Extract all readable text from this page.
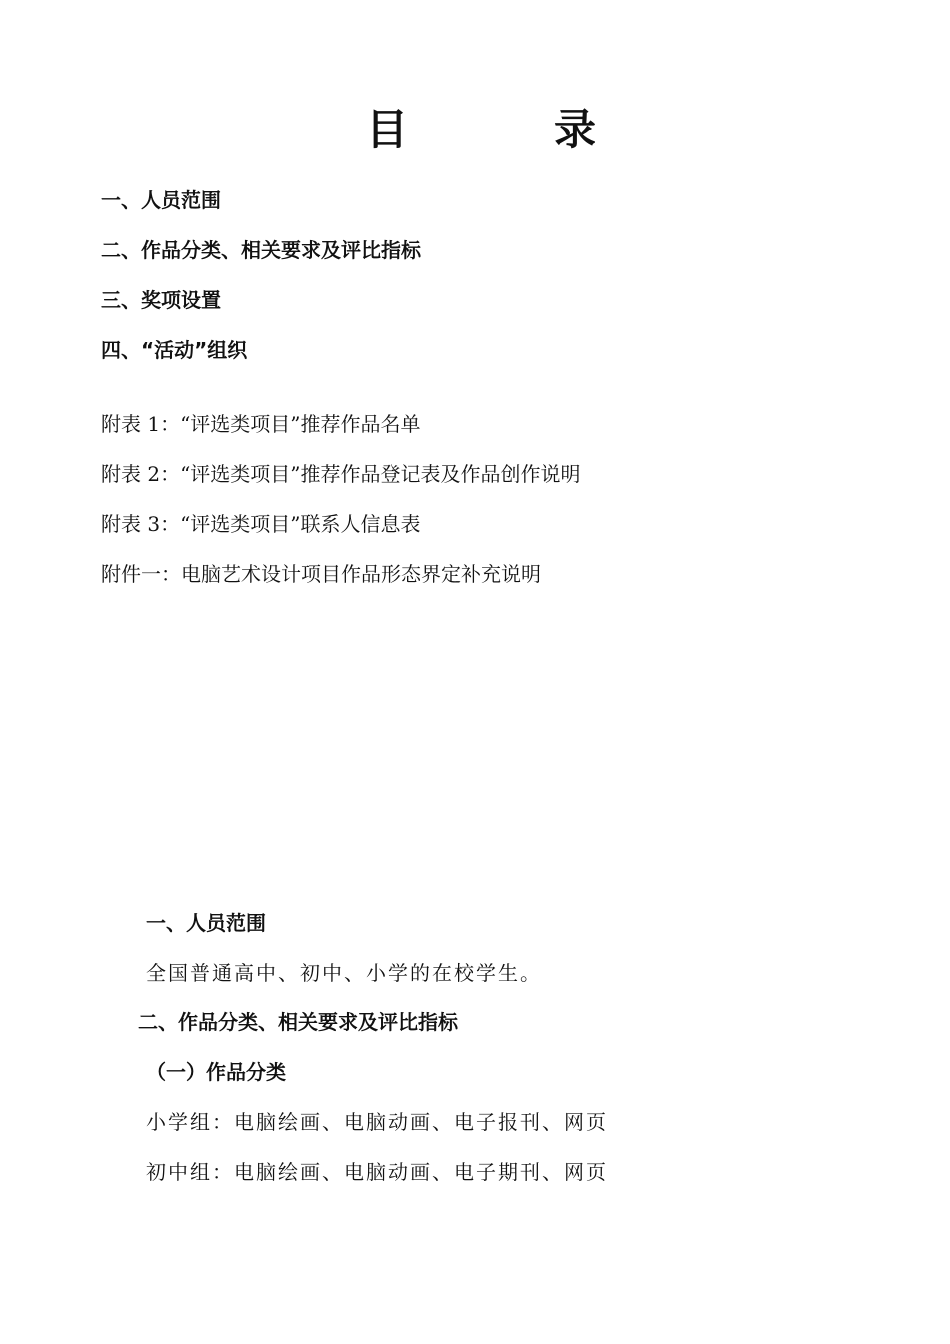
目	录
一、人员范围
二、作品分类、相关要求及评比指标
三、奖项设置
四、“活动”组织
附表 1：“评选类项目”推荐作品名单
附表 2：“评选类项目”推荐作品登记表及作品创作说明
附表 3：“评选类项目”联系人信息表
附件一：电脑艺术设计项目作品形态界定补充说明
一、人员范围
全国普通高中、初中、小学的在校学生。
二、作品分类、相关要求及评比指标
（一）作品分类
小学组：电脑绘画、电脑动画、电子报刊、网页
初中组：电脑绘画、电脑动画、电子期刊、网页
